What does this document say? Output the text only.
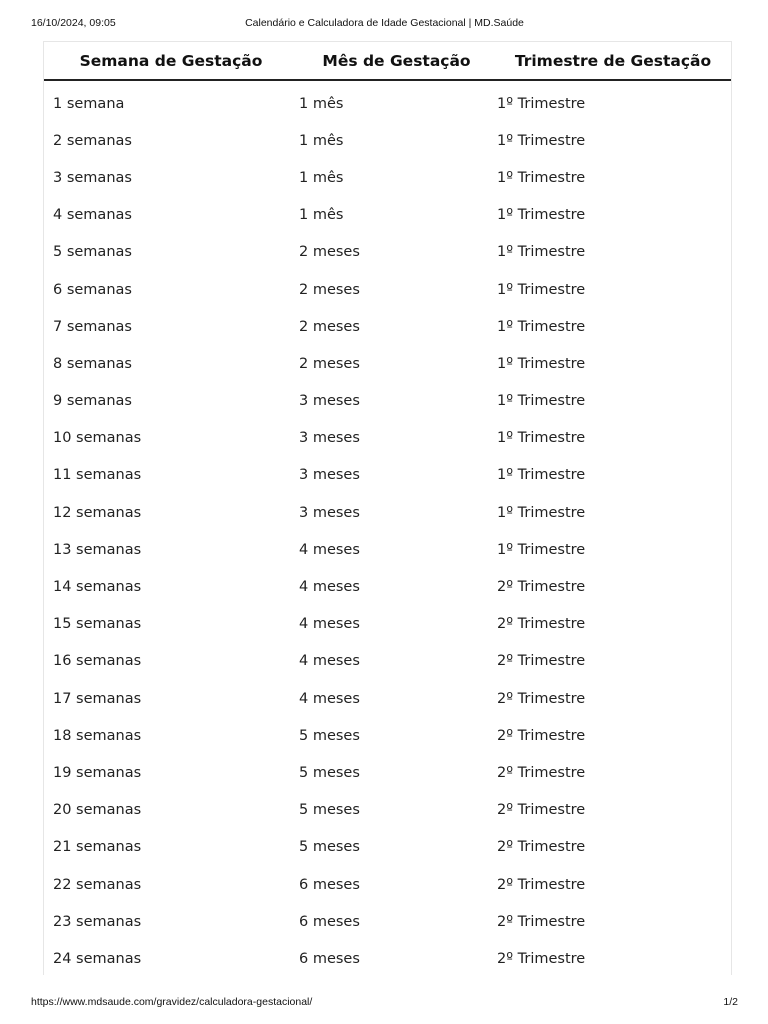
16/10/2024, 09:05	Calendário e Calculadora de Idade Gestacional | MD.Saúde
Semana de Gestação	Mês de Gestação	Trimestre de Gestação
1 semana	1 mês	1º Trimestre
2 semanas	1 mês	1º Trimestre
3 semanas	1 mês	1º Trimestre
4 semanas	1 mês	1º Trimestre
5 semanas	2 meses	1º Trimestre
6 semanas	2 meses	1º Trimestre
7 semanas	2 meses	1º Trimestre
8 semanas	2 meses	1º Trimestre
9 semanas	3 meses	1º Trimestre
10 semanas	3 meses	1º Trimestre
11 semanas	3 meses	1º Trimestre
12 semanas	3 meses	1º Trimestre
13 semanas	4 meses	1º Trimestre
14 semanas	4 meses	2º Trimestre
15 semanas	4 meses	2º Trimestre
16 semanas	4 meses	2º Trimestre
17 semanas	4 meses	2º Trimestre
18 semanas	5 meses	2º Trimestre
19 semanas	5 meses	2º Trimestre
20 semanas	5 meses	2º Trimestre
21 semanas	5 meses	2º Trimestre
22 semanas	6 meses	2º Trimestre
23 semanas	6 meses	2º Trimestre
24 semanas	6 meses	2º Trimestre
https://www.mdsaude.com/gravidez/calculadora-gestacional/	1/2
